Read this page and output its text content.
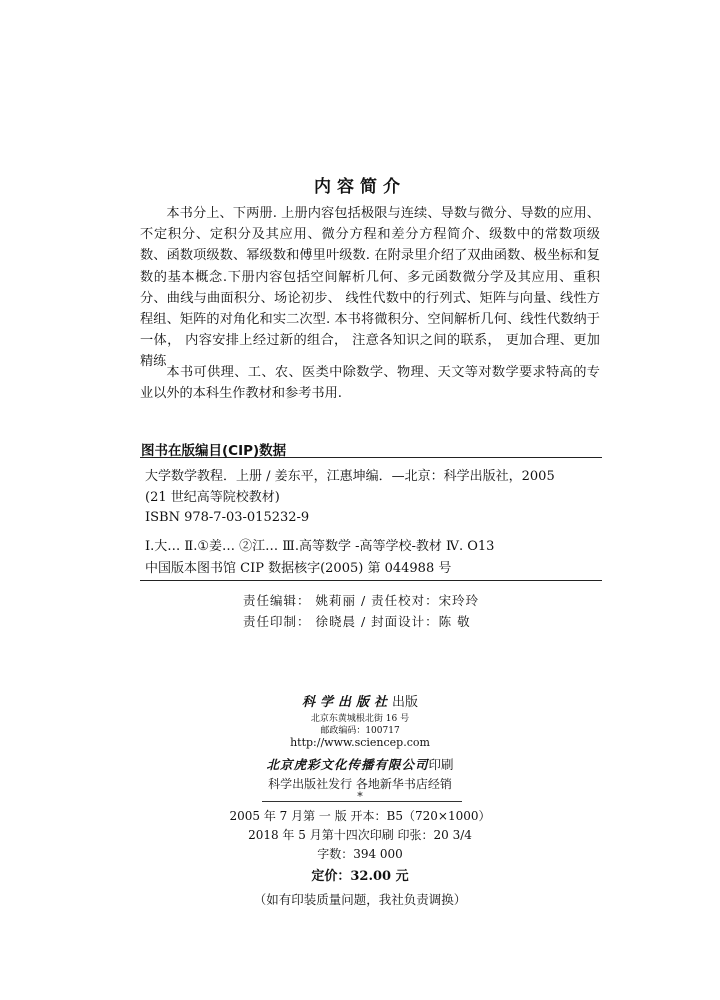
内容简介
本书分上、下两册. 上册内容包括极限与连续、导数与微分、导数的应用、不定积分、定积分及其应用、微分方程和差分方程简介、级数中的常数项级数、函数项级数、幂级数和傅里叶级数. 在附录里介绍了双曲函数、极坐标和复数的基本概念.下册内容包括空间解析几何、多元函数微分学及其应用、重积分、曲线与曲面积分、场论初步、 线性代数中的行列式、矩阵与向量、线性方程组、矩阵的对角化和实二次型. 本书将微积分、空间解析几何、线性代数纳于一体， 内容安排上经过新的组合， 注意各知识之间的联系， 更加合理、更加精练
本书可供理、工、农、医类中除数学、物理、天文等对数学要求特高的专业以外的本科生作教材和参考书用.
图书在版编目(CIP)数据
大学数学教程．上册 / 姜东平，江惠坤编．—北京：科学出版社，2005
(21 世纪高等院校教材)
ISBN 978-7-03-015232-9
Ⅰ.大… Ⅱ.①姜… ②江… Ⅲ.高等数学 -高等学校-教材 Ⅳ. O13
中国版本图书馆 CIP 数据核字(2005) 第 044988 号
责任编辑： 姚莉丽 / 责任校对：宋玲玲
责任印制： 徐晓晨 / 封面设计：陈 敬
科学出版社出版
北京东黄城根北街 16 号
邮政编码：100717
http://www.sciencep.com
北京虎彩文化传播有限公司印刷
科学出版社发行 各地新华书店经销
*
2005 年 7 月第 一 版 开本：B5（720×1000）
2018 年 5 月第十四次印刷 印张：20 3/4
字数：394 000
定价：32.00 元
（如有印装质量问题，我社负责调换）
